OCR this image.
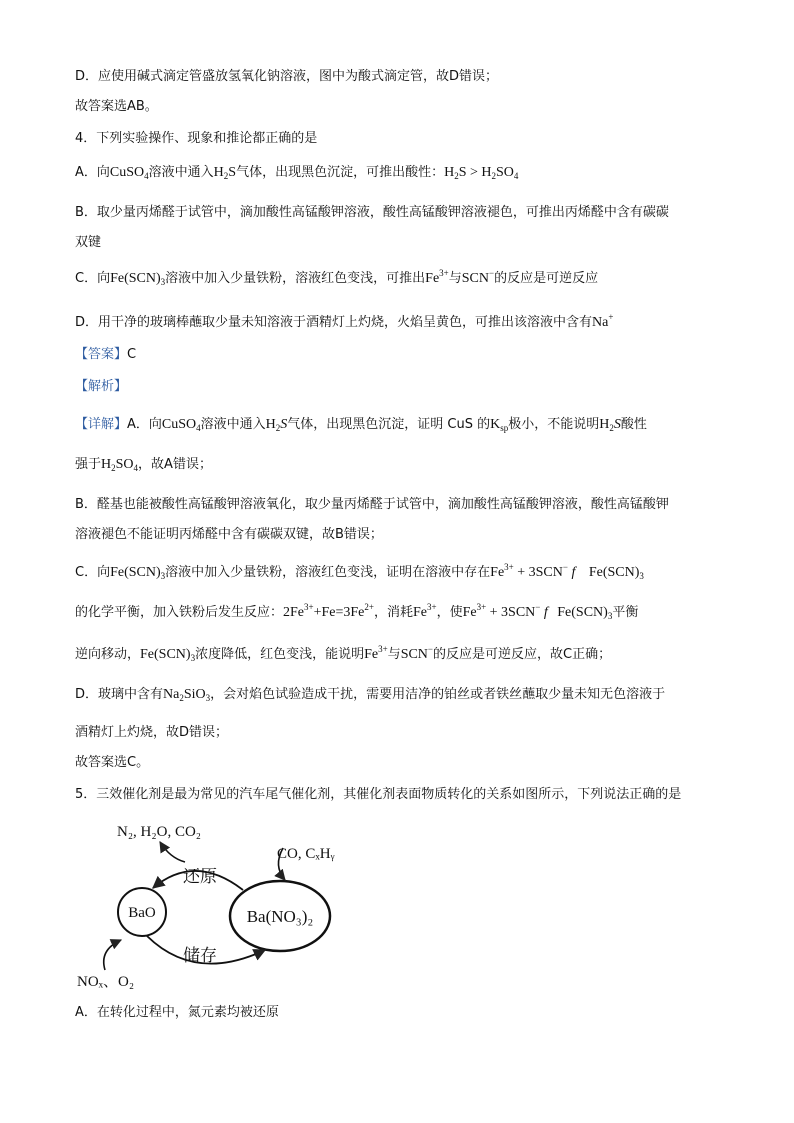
D．应使用碱式滴定管盛放氢氧化钠溶液，图中为酸式滴定管，故D错误；
故答案选AB。
4．下列实验操作、现象和推论都正确的是
A．向CuSO$_4$溶液中通入$H_2S$气体，出现黑色沉淀，可推出酸性：$H_2S > H_2SO_4$
B．取少量丙烯醛于试管中，滴加酸性高锰酸钾溶液，酸性高锰酸钾溶液褪色，可推出丙烯醛中含有碳碳
双键
C．向$Fe(SCN)_3$溶液中加入少量铁粉，溶液红色变浅，可推出$Fe^{3+}$与SCN−的反应是可逆反应
D．用干净的玻璃棒蘸取少量未知溶液于酒精灯上灼烧，火焰呈黄色，可推出该溶液中含有Na+
【答案】C
【解析】
【详解】A．向CuSO$_4$溶液中通入$H_2S$气体，出现黑色沉淀，证明 CuS 的$K_{sp}$极小，不能说明$H_2S$酸性
强于$H_2SO_4$，故A错误；
B．醛基也能被酸性高锰酸钾溶液氧化，取少量丙烯醛于试管中，滴加酸性高锰酸钾溶液，酸性高锰酸钾
溶液褪色不能证明丙烯醛中含有碳碳双键，故B错误；
C．向$Fe(SCN)_3$溶液中加入少量铁粉，溶液红色变浅，证明在溶液中存在$Fe^{3+} + 3SCN^-$ f $Fe(SCN)_3$
的化学平衡，加入铁粉后发生反应：$2Fe^{3+}+Fe=3Fe^{2+}$，消耗$Fe^{3+}$，使$Fe^{3+} + 3SCN^-$ f $Fe(SCN)_3$平衡
逆向移动，$Fe(SCN)_3$浓度降低，红色变浅，能说明$Fe^{3+}$与SCN−的反应是可逆反应，故C正确；
D．玻璃中含有$Na_2SiO_3$，会对焰色试验造成干扰，需要用洁净的铂丝或者铁丝蘸取少量未知无色溶液于
酒精灯上灼烧，故D错误；
故答案选C。
5．三效催化剂是最为常见的汽车尾气催化剂，其催化剂表面物质转化的关系如图所示，下列说法正确的是
N₂, H₂O, CO₂
CO, CₓHᵧ
BaO	Ba(NO₃)₂
还原
储存
NOₓ、O₂
A．在转化过程中，氮元素均被还原
